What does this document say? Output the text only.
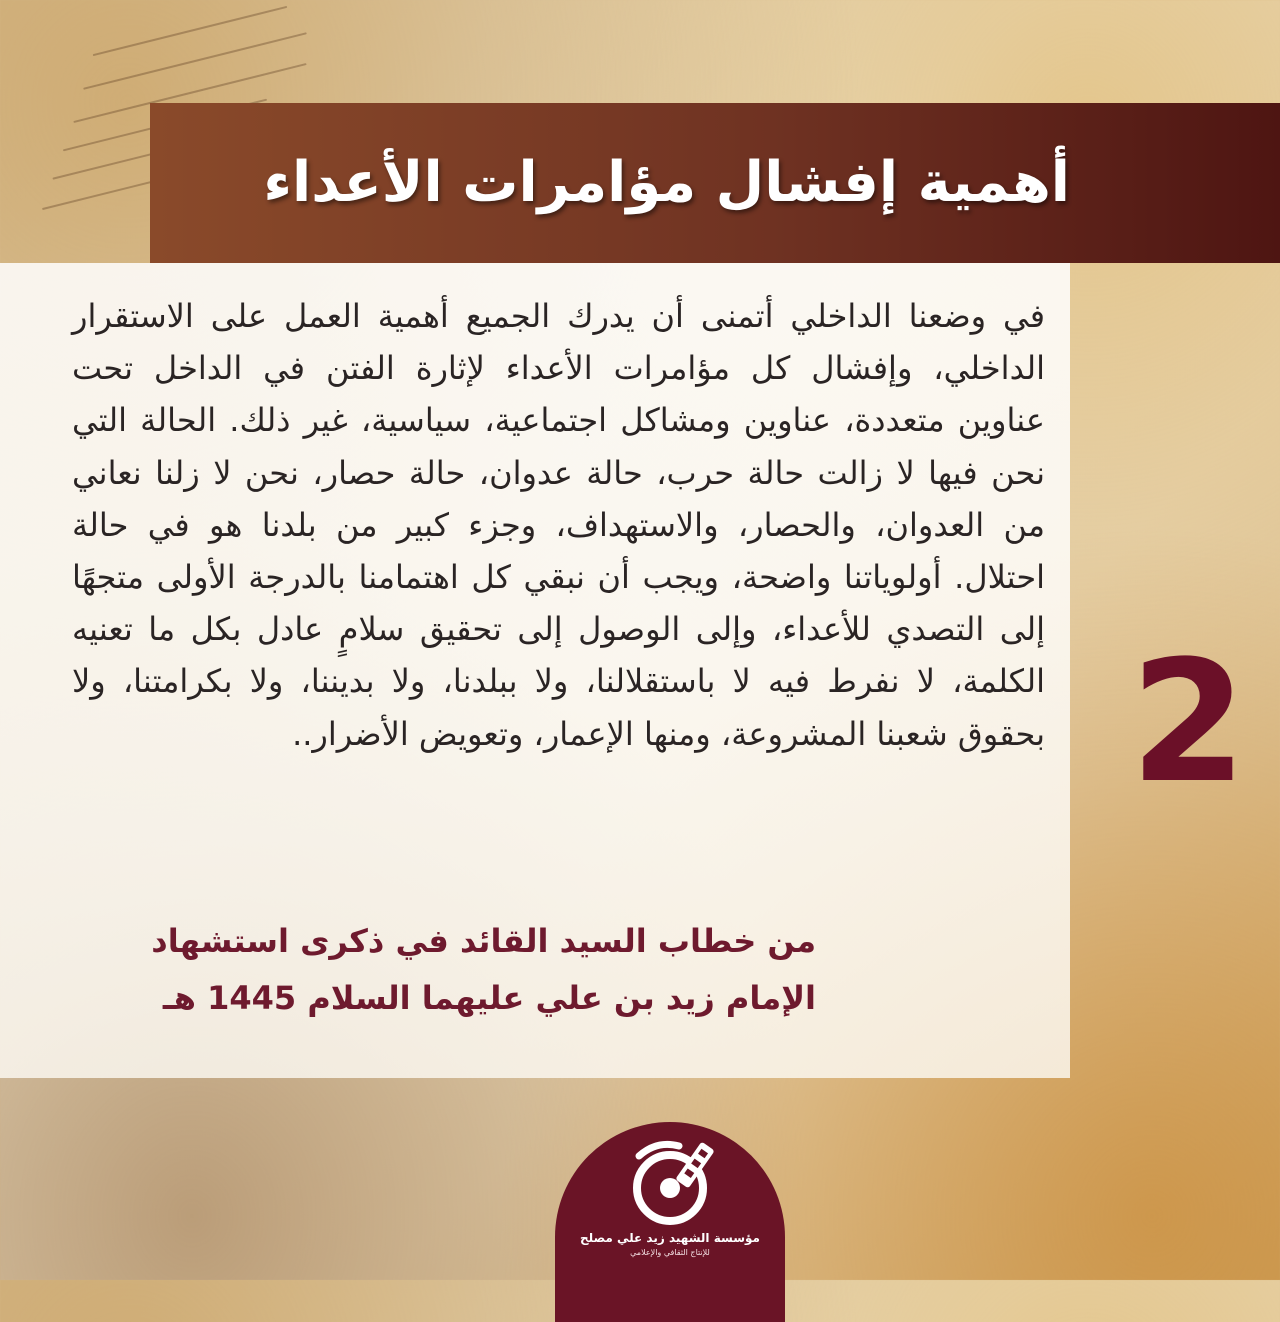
أهمية إفشال مؤامرات الأعداء

في وضعنا الداخلي أتمنى أن يدرك الجميع أهمية العمل على الاستقرار الداخلي، وإفشال كل مؤامرات الأعداء لإثارة الفتن في الداخل تحت عناوين متعددة، عناوين ومشاكل اجتماعية، سياسية، غير ذلك. الحالة التي نحن فيها لا زالت حالة حرب، حالة عدوان، حالة حصار، نحن لا زلنا نعاني من العدوان، والحصار، والاستهداف، وجزء كبير من بلدنا هو في حالة احتلال. أولوياتنا واضحة، ويجب أن نبقي كل اهتمامنا بالدرجة الأولى متجهًا إلى التصدي للأعداء، وإلى الوصول إلى تحقيق سلامٍ عادل بكل ما تعنيه الكلمة، لا نفرط فيه لا باستقلالنا، ولا ببلدنا، ولا بديننا، ولا بكرامتنا، ولا بحقوق شعبنا المشروعة، ومنها الإعمار، وتعويض الأضرار..

من خطاب السيد القائد في ذكرى استشهاد
الإمام زيد بن علي عليهما السلام 1445 هـ
2

مؤسسة الشهيد زيد علي مصلح

للإنتاج الثقافي والإعلامي
